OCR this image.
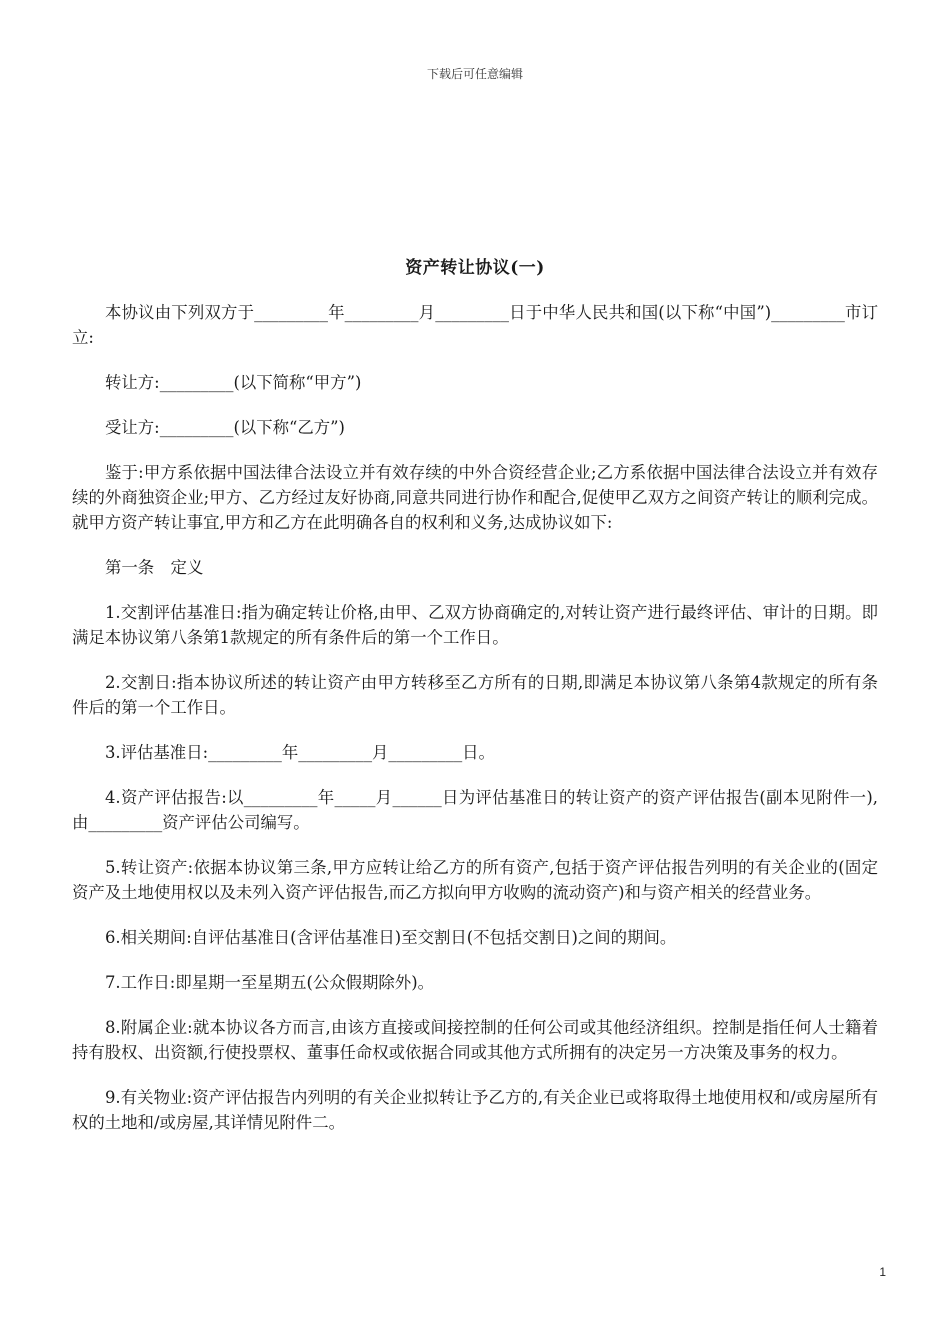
下载后可任意编辑
资产转让协议(一)

本协议由下列双方于_________年_________月_________日于中华人民共和国(以下称“中国”)_________市订立:

转让方:_________(以下简称“甲方”)

受让方:_________(以下称“乙方”)

鉴于:甲方系依据中国法律合法设立并有效存续的中外合资经营企业;乙方系依据中国法律合法设立并有效存续的外商独资企业;甲方、乙方经过友好协商,同意共同进行协作和配合,促使甲乙双方之间资产转让的顺利完成。就甲方资产转让事宜,甲方和乙方在此明确各自的权利和义务,达成协议如下:

第一条　定义

1.交割评估基准日:指为确定转让价格,由甲、乙双方协商确定的,对转让资产进行最终评估、审计的日期。即满足本协议第八条第1款规定的所有条件后的第一个工作日。

2.交割日:指本协议所述的转让资产由甲方转移至乙方所有的日期,即满足本协议第八条第4款规定的所有条件后的第一个工作日。

3.评估基准日:_________年_________月_________日。

4.资产评估报告:以_________年_____月______日为评估基准日的转让资产的资产评估报告(副本见附件一),由_________资产评估公司编写。

5.转让资产:依据本协议第三条,甲方应转让给乙方的所有资产,包括于资产评估报告列明的有关企业的(固定资产及土地使用权以及未列入资产评估报告,而乙方拟向甲方收购的流动资产)和与资产相关的经营业务。

6.相关期间:自评估基准日(含评估基准日)至交割日(不包括交割日)之间的期间。

7.工作日:即星期一至星期五(公众假期除外)。

8.附属企业:就本协议各方而言,由该方直接或间接控制的任何公司或其他经济组织。控制是指任何人士籍着持有股权、出资额,行使投票权、董事任命权或依据合同或其他方式所拥有的决定另一方决策及事务的权力。

9.有关物业:资产评估报告内列明的有关企业拟转让予乙方的,有关企业已或将取得土地使用权和/或房屋所有权的土地和/或房屋,其详情见附件二。

1
